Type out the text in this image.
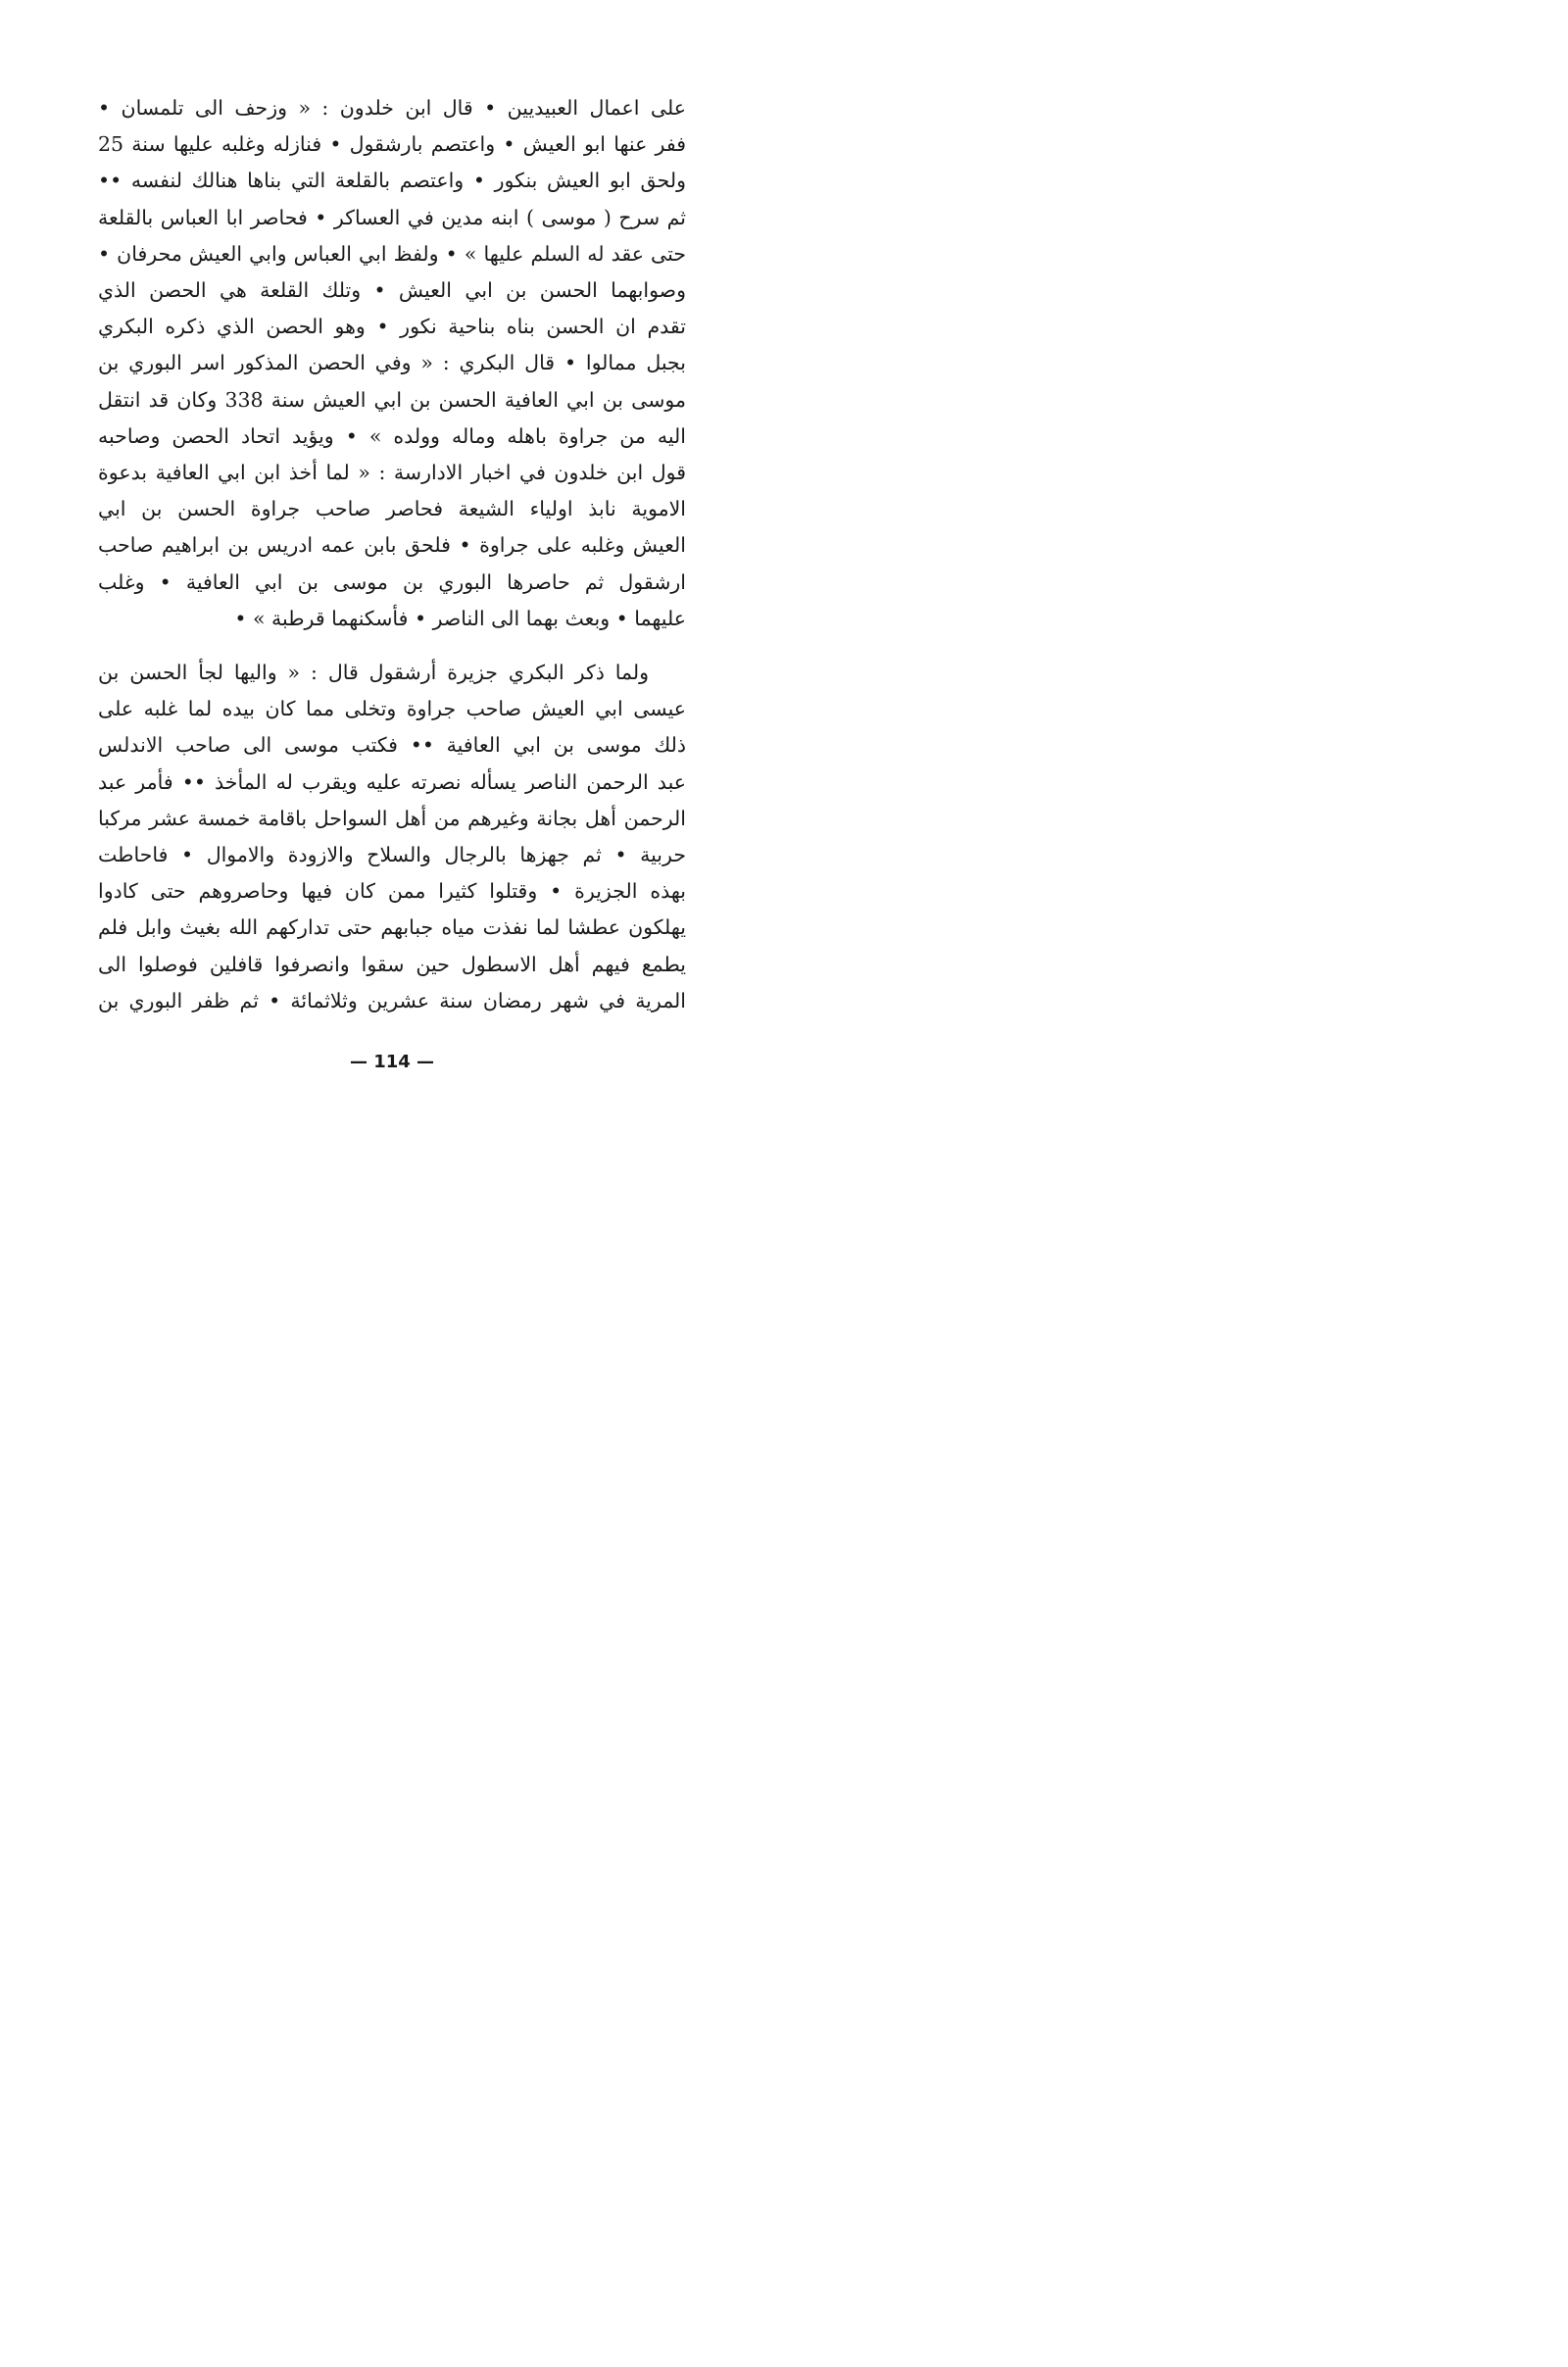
على اعمال العبيديين • قال ابن خلدون : « وزحف الى تلمسان •
ففر عنها ابو العيش • واعتصم بارشقول • فنازله وغلبه عليها سنة 25
ولحق ابو العيش بنكور • واعتصم بالقلعة التي بناها هنالك لنفسه ••
ثم سرح ( موسى ) ابنه مدين في العساكر • فحاصر ابا العباس بالقلعة
حتى عقد له السلم عليها » • ولفظ ابي العباس وابي العيش محرفان •
وصوابهما الحسن بن ابي العيش • وتلك القلعة هي الحصن الذي
تقدم ان الحسن بناه بناحية نكور • وهو الحصن الذي ذكره البكري
بجبل ممالوا • قال البكري : « وفي الحصن المذكور اسر البوري بن
موسى بن ابي العافية الحسن بن ابي العيش سنة 338 وكان قد انتقل
اليه من جراوة باهله وماله وولده » • ويؤيد اتحاد الحصن وصاحبه
قول ابن خلدون في اخبار الادارسة : « لما أخذ ابن ابي العافية بدعوة
الاموية نابذ اولياء الشيعة فحاصر صاحب جراوة الحسن بن ابي
العيش وغلبه على جراوة • فلحق بابن عمه ادريس بن ابراهيم صاحب
ارشقول ثم حاصرها البوري بن موسى بن ابي العافية • وغلب
عليهما • وبعث بهما الى الناصر • فأسكنهما قرطبة » •

ولما ذكر البكري جزيرة أرشقول قال : « واليها لجأ الحسن بن
عيسى ابي العيش صاحب جراوة وتخلى مما كان بيده لما غلبه على
ذلك موسى بن ابي العافية •• فكتب موسى الى صاحب الاندلس
عبد الرحمن الناصر يسأله نصرته عليه ويقرب له المأخذ •• فأمر عبد
الرحمن أهل بجانة وغيرهم من أهل السواحل باقامة خمسة عشر مركبا
حربية • ثم جهزها بالرجال والسلاح والازودة والاموال • فاحاطت
بهذه الجزيرة • وقتلوا كثيرا ممن كان فيها وحاصروهم حتى كادوا
يهلكون عطشا لما نفذت مياه جبابهم حتى تداركهم الله بغيث وابل فلم
يطمع فيهم أهل الاسطول حين سقوا وانصرفوا قافلين فوصلوا الى
المرية في شهر رمضان سنة عشرين وثلاثمائة • ثم ظفر البوري بن

— 114 —
